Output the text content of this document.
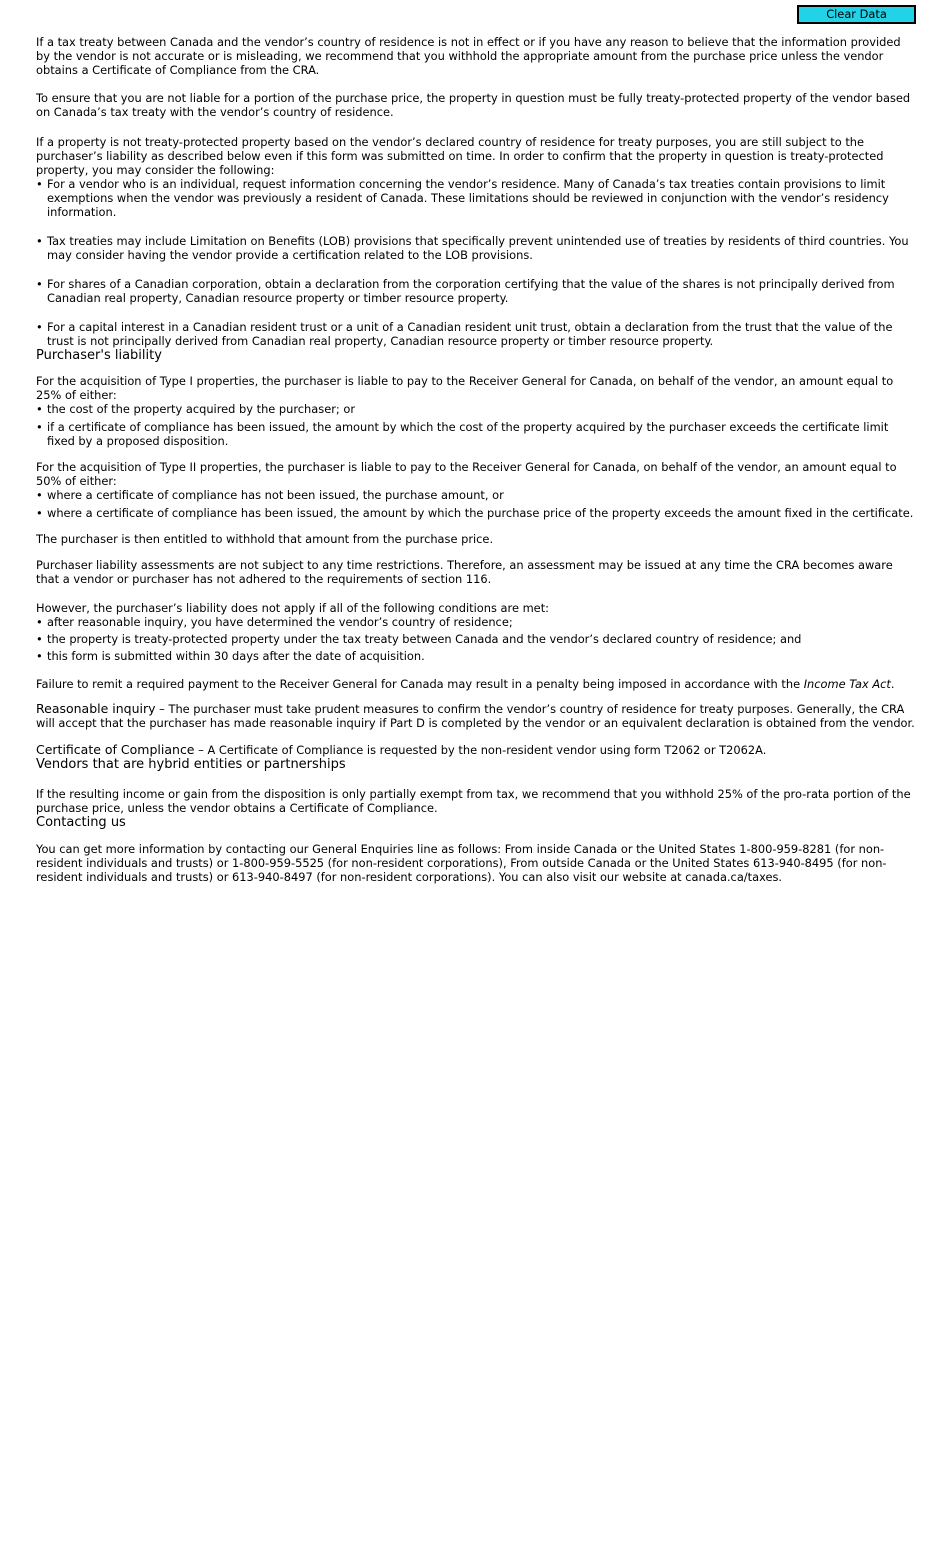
Clear Data

If a tax treaty between Canada and the vendor’s country of residence is not in effect or if you have any reason to believe that the information provided by the vendor is not accurate or is misleading, we recommend that you withhold the appropriate amount from the purchase price unless the vendor obtains a Certificate of Compliance from the CRA.

To ensure that you are not liable for a portion of the purchase price, the property in question must be fully treaty-protected property of the vendor based on Canada’s tax treaty with the vendor’s country of residence.

If a property is not treaty-protected property based on the vendor’s declared country of residence for treaty purposes, you are still subject to the purchaser’s liability as described below even if this form was submitted on time. In order to confirm that the property in question is treaty-protected property, you may consider the following:

• For a vendor who is an individual, request information concerning the vendor’s residence. Many of Canada’s tax treaties contain provisions to limit exemptions when the vendor was previously a resident of Canada. These limitations should be reviewed in conjunction with the vendor’s residency information.
• Tax treaties may include Limitation on Benefits (LOB) provisions that specifically prevent unintended use of treaties by residents of third countries. You may consider having the vendor provide a certification related to the LOB provisions.
• For shares of a Canadian corporation, obtain a declaration from the corporation certifying that the value of the shares is not principally derived from Canadian real property, Canadian resource property or timber resource property.
• For a capital interest in a Canadian resident trust or a unit of a Canadian resident unit trust, obtain a declaration from the trust that the value of the trust is not principally derived from Canadian real property, Canadian resource property or timber resource property.
Purchaser's liability

For the acquisition of Type I properties, the purchaser is liable to pay to the Receiver General for Canada, on behalf of the vendor, an amount equal to 25% of either:

• the cost of the property acquired by the purchaser; or
• if a certificate of compliance has been issued, the amount by which the cost of the property acquired by the purchaser exceeds the certificate limit fixed by a proposed disposition.

For the acquisition of Type II properties, the purchaser is liable to pay to the Receiver General for Canada, on behalf of the vendor, an amount equal to 50% of either:

• where a certificate of compliance has not been issued, the purchase amount, or
• where a certificate of compliance has been issued, the amount by which the purchase price of the property exceeds the amount fixed in the certificate.

The purchaser is then entitled to withhold that amount from the purchase price.

Purchaser liability assessments are not subject to any time restrictions. Therefore, an assessment may be issued at any time the CRA becomes aware that a vendor or purchaser has not adhered to the requirements of section 116.

However, the purchaser’s liability does not apply if all of the following conditions are met:

• after reasonable inquiry, you have determined the vendor’s country of residence;
• the property is treaty-protected property under the tax treaty between Canada and the vendor’s declared country of residence; and
• this form is submitted within 30 days after the date of acquisition.

Failure to remit a required payment to the Receiver General for Canada may result in a penalty being imposed in accordance with the Income Tax Act.

Reasonable inquiry – The purchaser must take prudent measures to confirm the vendor’s country of residence for treaty purposes. Generally, the CRA will accept that the purchaser has made reasonable inquiry if Part D is completed by the vendor or an equivalent declaration is obtained from the vendor.

Certificate of Compliance – A Certificate of Compliance is requested by the non-resident vendor using form T2062 or T2062A.

Vendors that are hybrid entities or partnerships

If the resulting income or gain from the disposition is only partially exempt from tax, we recommend that you withhold 25% of the pro-rata portion of the purchase price, unless the vendor obtains a Certificate of Compliance.

Contacting us

You can get more information by contacting our General Enquiries line as follows: From inside Canada or the United States 1-800-959-8281 (for non-resident individuals and trusts) or 1-800-959-5525 (for non-resident corporations), From outside Canada or the United States 613-940-8495 (for non-resident individuals and trusts) or 613-940-8497 (for non-resident corporations). You can also visit our website at canada.ca/taxes.
